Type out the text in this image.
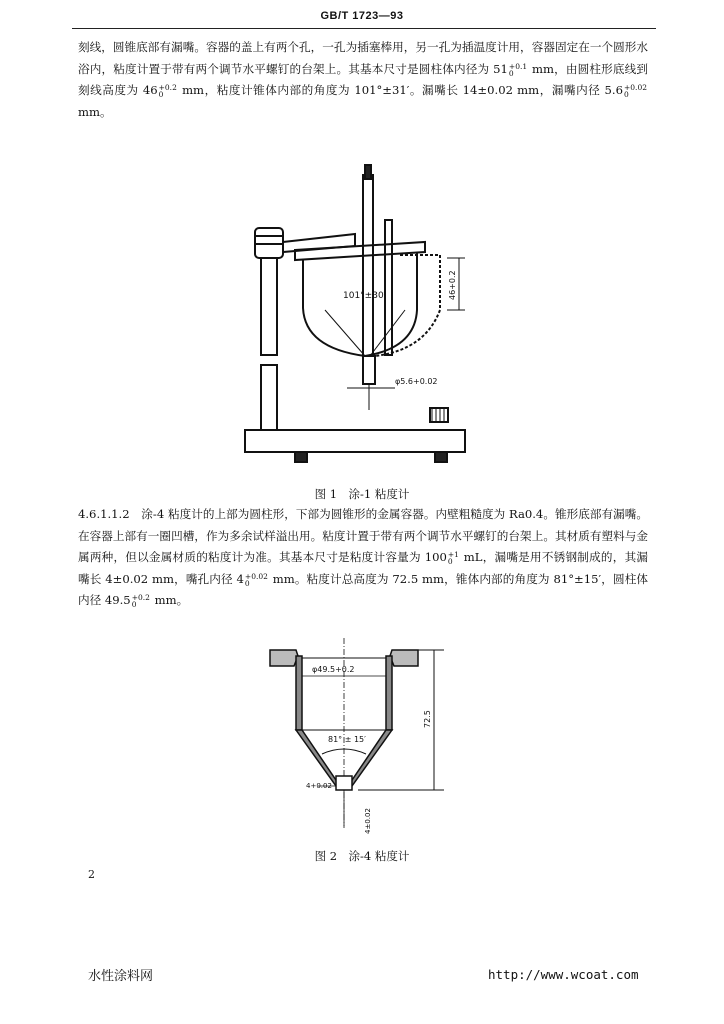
GB/T 1723—93

刻线，圆锥底部有漏嘴。容器的盖上有两个孔，一孔为插塞棒用，另一孔为插温度计用，容器固定在一个圆形水浴内，粘度计置于带有两个调节水平螺钉的台架上。其基本尺寸是圆柱体内径为 51 +0.1
0	mm，由圆柱形底线到刻线高度为 46 +0.2
0	mm，粘度计锥体内部的角度为 101°±31′。漏嘴长 14±0.02 mm，漏嘴内径 5.6 +0.02
0
mm。

101°±30′	46+0.2
φ5.6+0.02
图 1　涂-1 粘度计

4.6.1.1.2　涂-4 粘度计的上部为圆柱形，下部为圆锥形的金属容器。内壁粗糙度为 Ra0.4。锥形底部有漏嘴。在容器上部有一圈凹槽，作为多余试样溢出用。粘度计置于带有两个调节水平螺钉的台架上。其材质有塑料与金属两种，但以金属材质的粘度计为准。其基本尺寸是粘度计容量为 100 +1
0 mL，漏嘴是用不锈钢制成的，其漏嘴长 4±0.02 mm，嘴孔内径 4 +0.02
0	mm。粘度计总高度为 72.5 mm，锥体内部的角度为 81°±15′，圆柱体内径 49.5 +0.2
0	mm。

φ49.5+0.2
81° ± 15′
72.5
4+0.02
4±0.02
图 2　涂-4 粘度计
2
水性涂料网	http://www.wcoat.com
